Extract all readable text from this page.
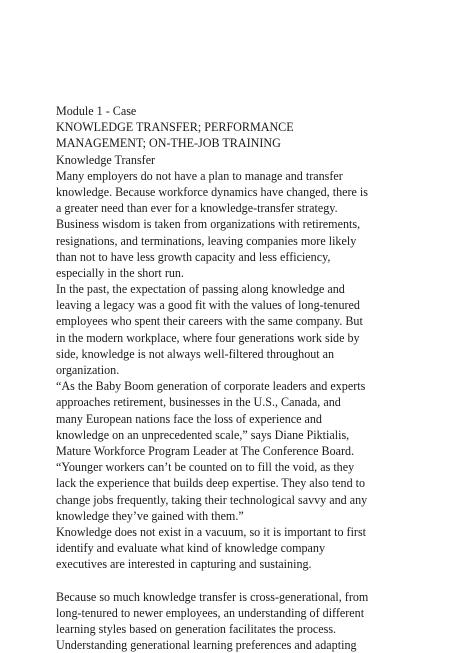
Module 1 - Case
KNOWLEDGE TRANSFER; PERFORMANCE
MANAGEMENT; ON-THE-JOB TRAINING
Knowledge Transfer
Many employers do not have a plan to manage and transfer
knowledge. Because workforce dynamics have changed, there is
a greater need than ever for a knowledge-transfer strategy.
Business wisdom is taken from organizations with retirements,
resignations, and terminations, leaving companies more likely
than not to have less growth capacity and less efficiency,
especially in the short run.
In the past, the expectation of passing along knowledge and
leaving a legacy was a good fit with the values of long-tenured
employees who spent their careers with the same company. But
in the modern workplace, where four generations work side by
side, knowledge is not always well-filtered throughout an
organization.
“As the Baby Boom generation of corporate leaders and experts
approaches retirement, businesses in the U.S., Canada, and
many European nations face the loss of experience and
knowledge on an unprecedented scale,” says Diane Piktialis,
Mature Workforce Program Leader at The Conference Board.
“Younger workers can’t be counted on to fill the void, as they
lack the experience that builds deep expertise. They also tend to
change jobs frequently, taking their technological savvy and any
knowledge they’ve gained with them.”
Knowledge does not exist in a vacuum, so it is important to first
identify and evaluate what kind of knowledge company
executives are interested in capturing and sustaining.
Because so much knowledge transfer is cross-generational, from
long-tenured to newer employees, an understanding of different
learning styles based on generation facilitates the process.
Understanding generational learning preferences and adapting
